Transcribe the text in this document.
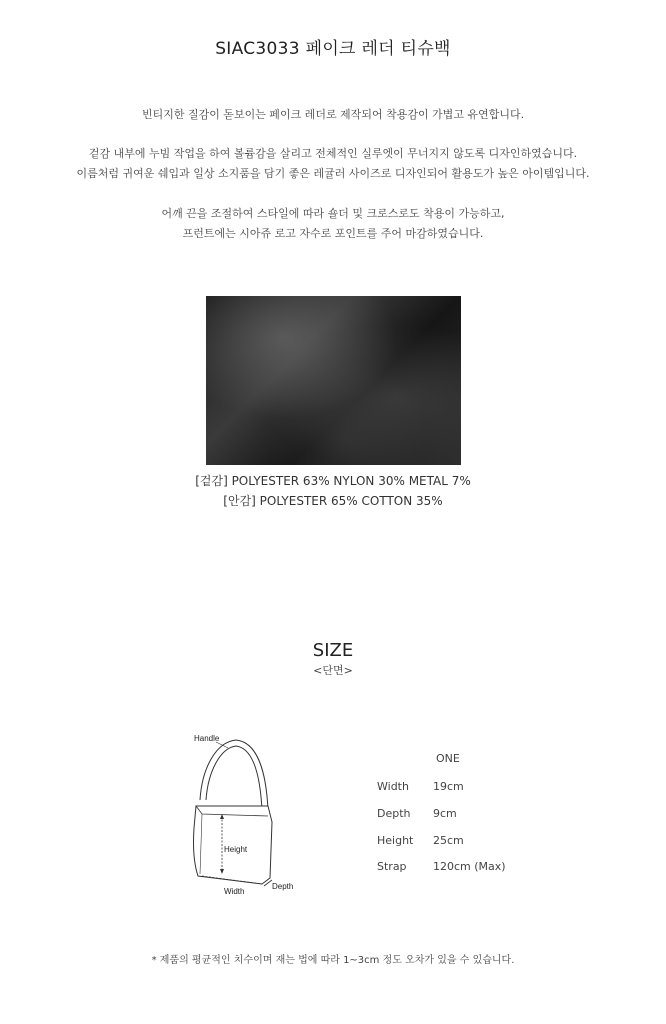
SIAC3033 페이크 레더 티슈백
빈티지한 질감이 돋보이는 페이크 레더로 제작되어 착용감이 가볍고 유연합니다.
겉감 내부에 누빔 작업을 하여 볼륨감을 살리고 전체적인 실루엣이 무너지지 않도록 디자인하였습니다.
이름처럼 귀여운 쉐입과 일상 소지품을 담기 좋은 레귤러 사이즈로 디자인되어 활용도가 높은 아이템입니다.
어깨 끈을 조절하여 스타일에 따라 숄더 및 크로스로도 착용이 가능하고,
프런트에는 시아쥬 로고 자수로 포인트를 주어 마감하였습니다.
[겉감] POLYESTER 63% NYLON 30% METAL 7%
[안감] POLYESTER 65% COTTON 35%
SIZE
<단면>
Handle
Height
Width
Depth
ONE
Width 19cm
Depth 9cm
Height 25cm
Strap 120cm (Max)
* 제품의 평균적인 치수이며 재는 법에 따라 1~3cm 정도 오차가 있을 수 있습니다.
